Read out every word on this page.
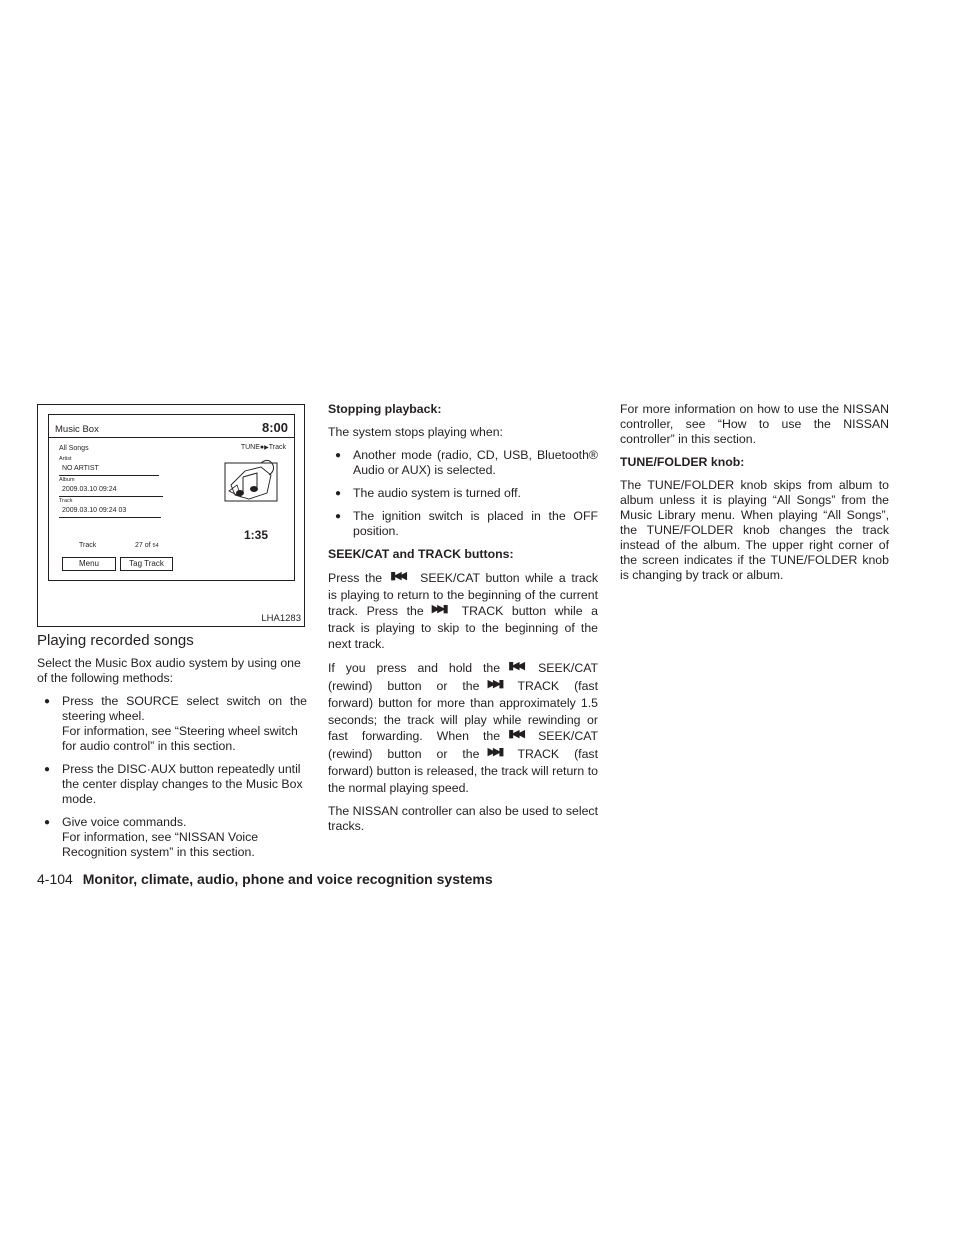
Music Box	8:00
All Songs	TUNE●▶Track
Artist
NO ARTIST
Album
2009.03.10 09:24
Track
2009.03.10 09:24 03
Track	27 of 54
1:35
Menu	Tag Track
LHA1283
Playing recorded songs

Select the Music Box audio system by using one of the following methods:

● Press the SOURCE select switch on the steering wheel.
For information, see “Steering wheel switch for audio control” in this section.
● Press the DISC·AUX button repeatedly until the center display changes to the Music Box mode.
● Give voice commands.
For information, see “NISSAN Voice Recognition system” in this section.
Stopping playback:

The system stops playing when:

● Another mode (radio, CD, USB, Bluetooth® Audio or AUX) is selected.
● The audio system is turned off.
● The ignition switch is placed in the OFF position.
SEEK/CAT and TRACK buttons:

Press the ▮◀◀ SEEK/CAT button while a track is playing to return to the beginning of the current track. Press the ▶▶▮ TRACK button while a track is playing to skip to the beginning of the next track.

If you press and hold the ▮◀◀ SEEK/CAT (rewind) button or the ▶▶▮ TRACK (fast forward) button for more than approximately 1.5 seconds; the track will play while rewinding or fast forwarding. When the ▮◀◀ SEEK/CAT (rewind) button or the ▶▶▮ TRACK (fast forward) button is released, the track will return to the normal playing speed.

The NISSAN controller can also be used to select tracks.

For more information on how to use the NISSAN controller, see “How to use the NISSAN controller” in this section.

TUNE/FOLDER knob:

The TUNE/FOLDER knob skips from album to album unless it is playing “All Songs” from the Music Library menu. When playing “All Songs”, the TUNE/FOLDER knob changes the track instead of the album. The upper right corner of the screen indicates if the TUNE/FOLDER knob is changing by track or album.

4-104 Monitor, climate, audio, phone and voice recognition systems
